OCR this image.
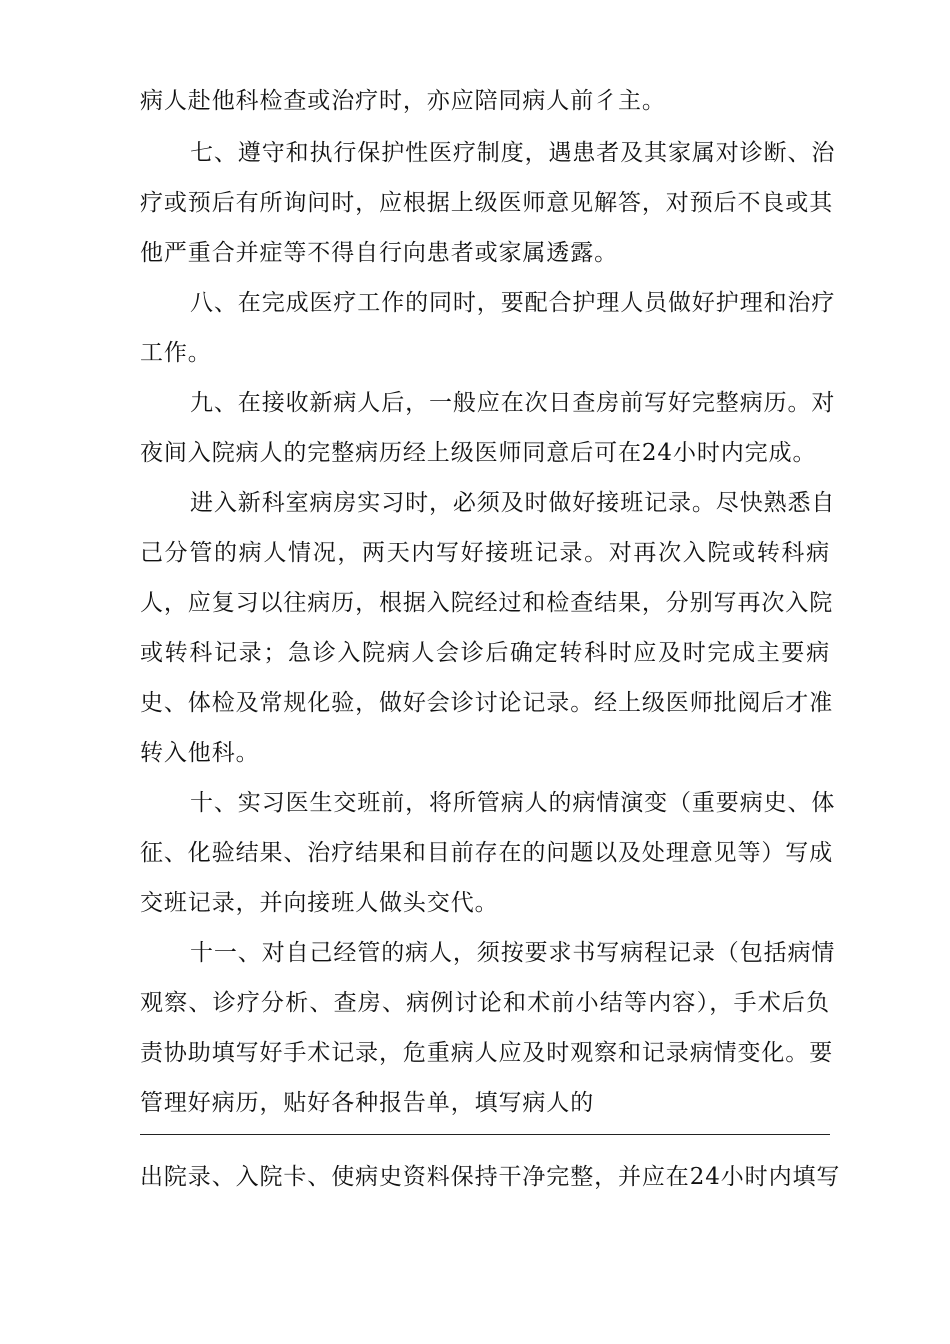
病人赴他科检查或治疗时，亦应陪同病人前彳主。
七、遵守和执行保护性医疗制度，遇患者及其家属对诊断、治
疗或预后有所询问时，应根据上级医师意见解答，对预后不良或其
他严重合并症等不得自行向患者或家属透露。
八、在完成医疗工作的同时，要配合护理人员做好护理和治疗
工作。
九、在接收新病人后，一般应在次日查房前写好完整病历。对
夜间入院病人的完整病历经上级医师同意后可在24小时内完成。
进入新科室病房实习时，必须及时做好接班记录。尽快熟悉自
己分管的病人情况，两天内写好接班记录。对再次入院或转科病
人，应复习以往病历，根据入院经过和检查结果，分别写再次入院
或转科记录；急诊入院病人会诊后确定转科时应及时完成主要病
史、体检及常规化验，做好会诊讨论记录。经上级医师批阅后才准
转入他科。
十、实习医生交班前，将所管病人的病情演变（重要病史、体
征、化验结果、治疗结果和目前存在的问题以及处理意见等）写成
交班记录，并向接班人做头交代。
十一、对自己经管的病人，须按要求书写病程记录（包括病情
观察、诊疗分析、查房、病例讨论和术前小结等内容），手术后负
责协助填写好手术记录，危重病人应及时观察和记录病情变化。要
管理好病历，贴好各种报告单，填写病人的
出院录、入院卡、使病史资料保持干净完整，并应在24小时内填写
